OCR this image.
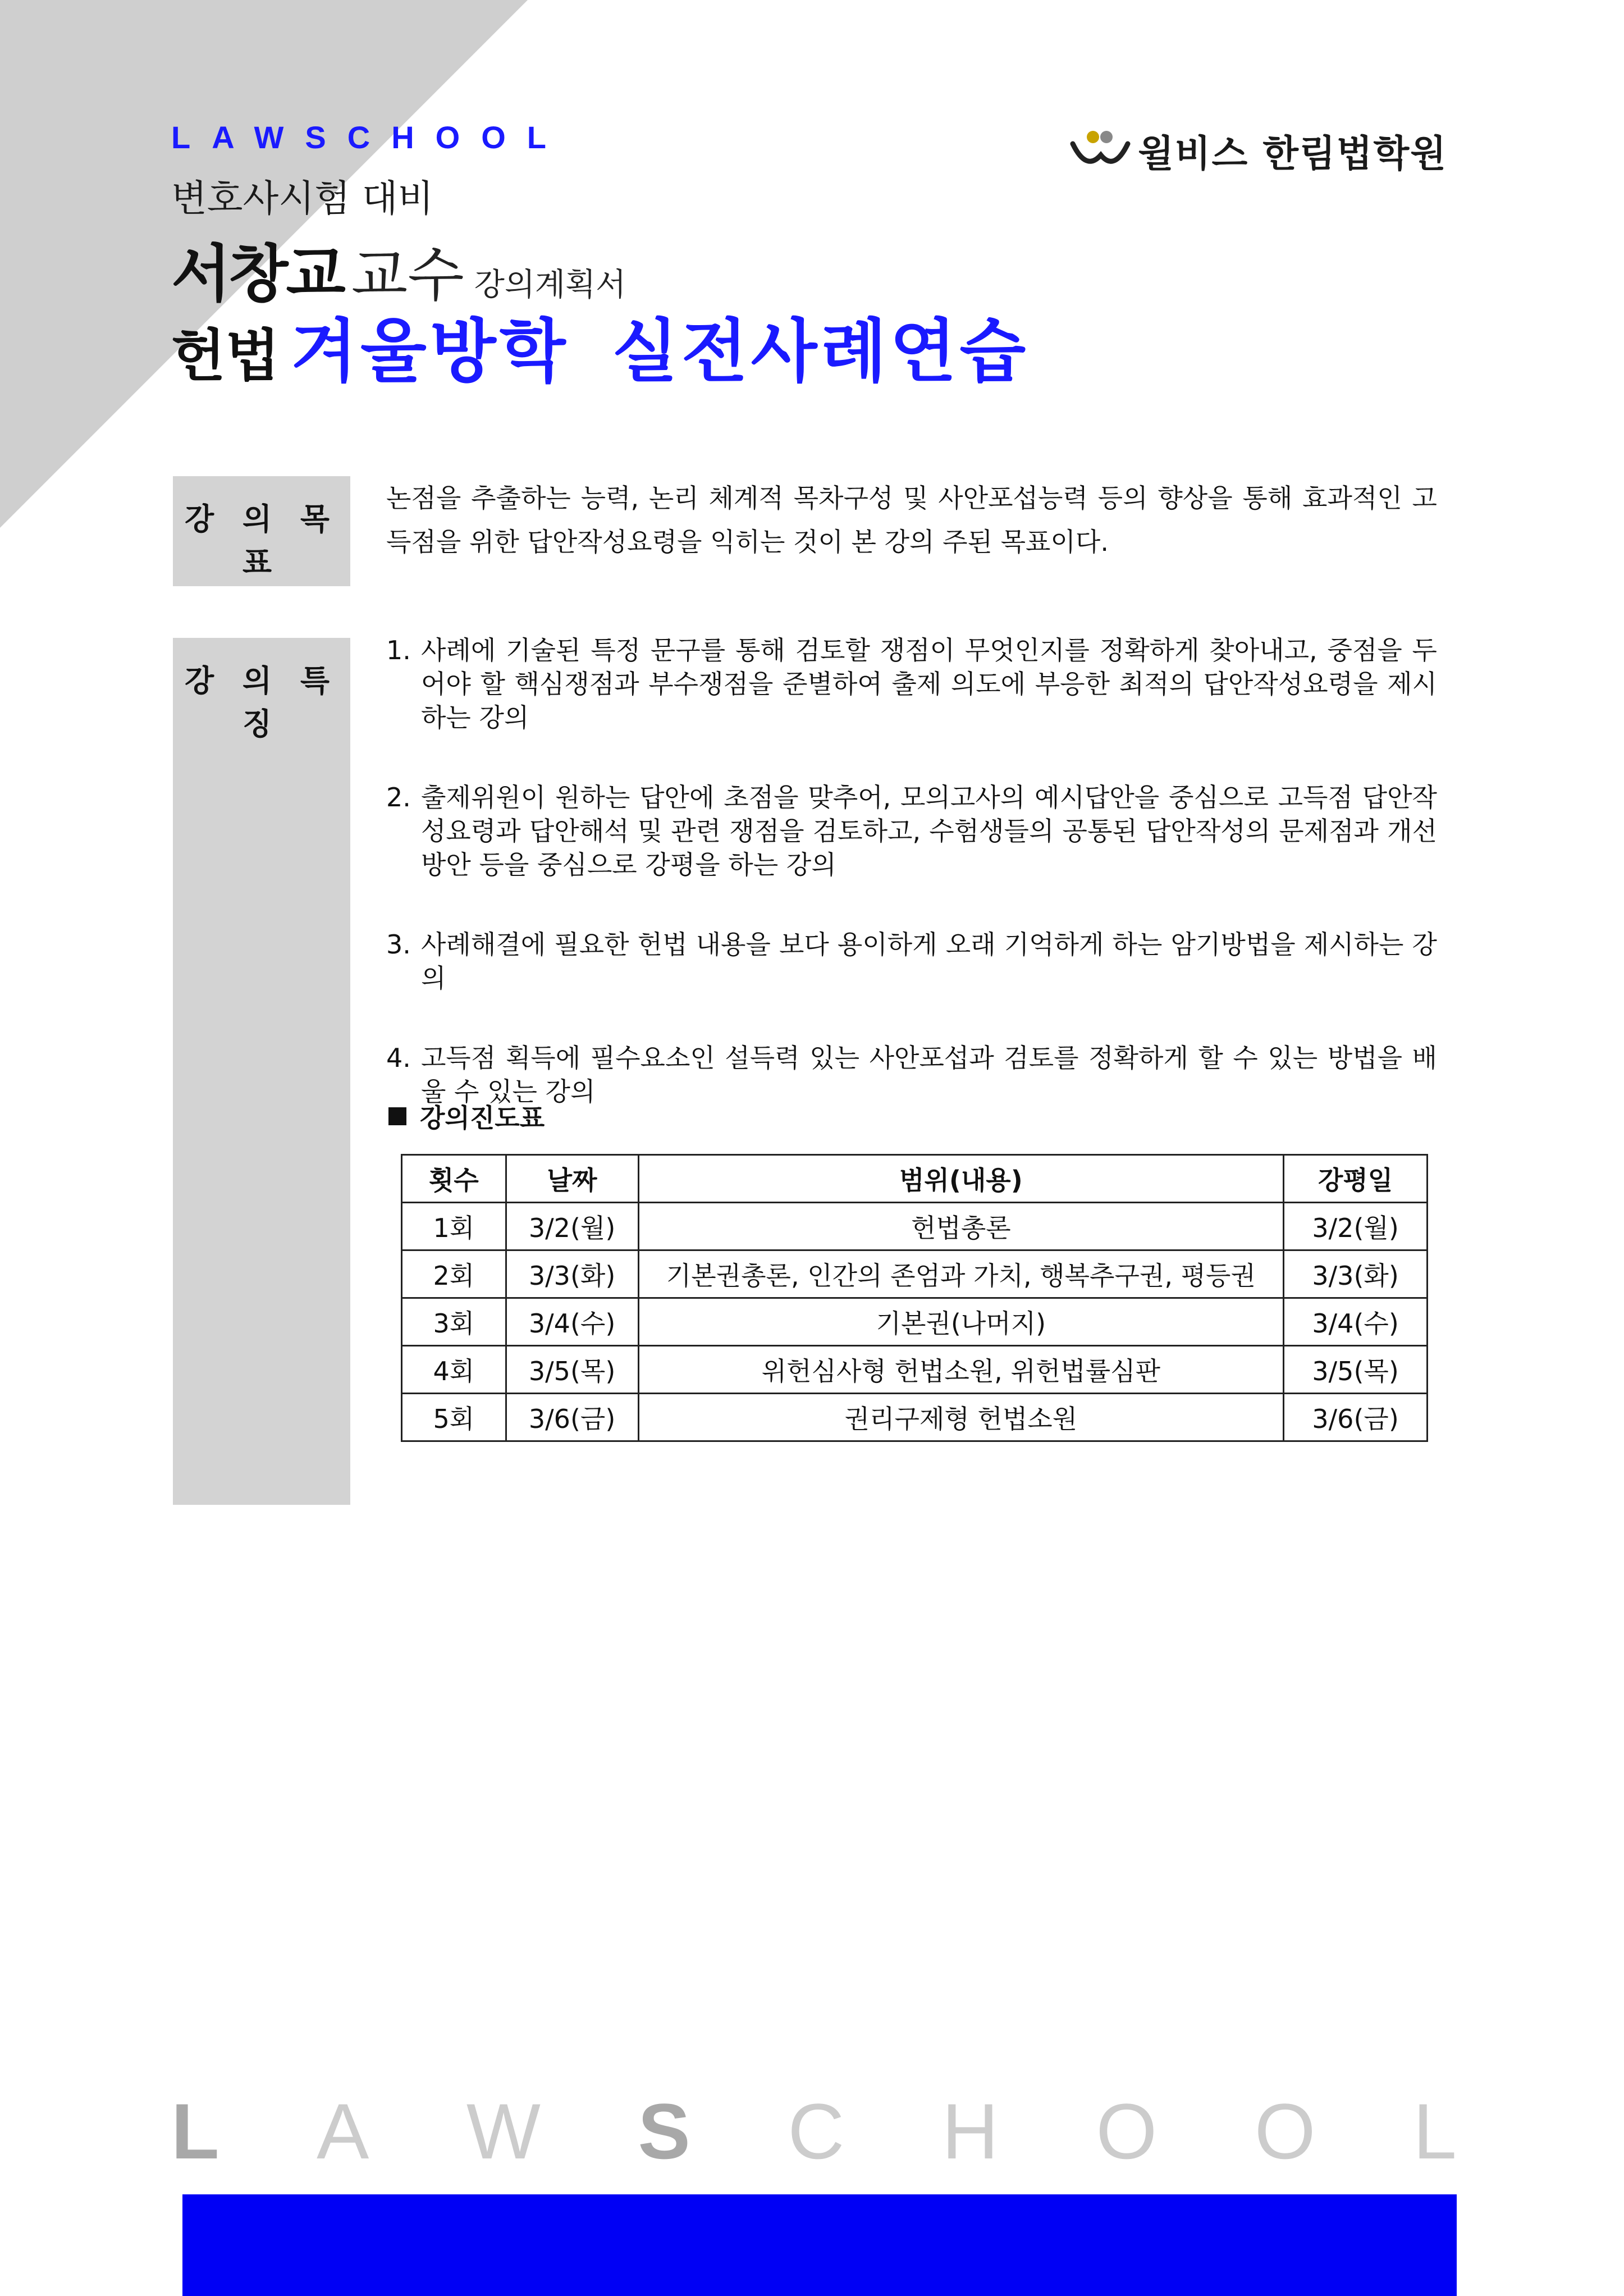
LAWSCHOOL	윌비스 한림법학원
변호사시험 대비
서창교 교수 강의계획서
헌법 겨울방학 실전사례연습
강 의 목 표
논점을 추출하는 능력, 논리 체계적 목차구성 및 사안포섭능력 등의 향상을 통해 효과적인 고득점을 위한 답안작성요령을 익히는 것이 본 강의 주된 목표이다.
강 의 특 징
1. 사례에 기술된 특정 문구를 통해 검토할 쟁점이 무엇인지를 정확하게 찾아내고, 중점을 두어야 할 핵심쟁점과 부수쟁점을 준별하여 출제 의도에 부응한 최적의 답안작성요령을 제시하는 강의
2. 출제위원이 원하는 답안에 초점을 맞추어, 모의고사의 예시답안을 중심으로 고득점 답안작성요령과 답안해석 및 관련 쟁점을 검토하고, 수험생들의 공통된 답안작성의 문제점과 개선방안 등을 중심으로 강평을 하는 강의
3. 사례해결에 필요한 헌법 내용을 보다 용이하게 오래 기억하게 하는 암기방법을 제시하는 강의
4. 고득점 획득에 필수요소인 설득력 있는 사안포섭과 검토를 정확하게 할 수 있는 방법을 배울 수 있는 강의
강의진도표
횟수	날짜	범위(내용)	강평일
1회	3/2(월)	헌법총론	3/2(월)
2회	3/3(화)	기본권총론, 인간의 존엄과 가치, 행복추구권, 평등권	3/3(화)
3회	3/4(수)	기본권(나머지)	3/4(수)
4회	3/5(목)	위헌심사형 헌법소원, 위헌법률심판	3/5(목)
5회	3/6(금)	권리구제형 헌법소원	3/6(금)
L A W S C H O O L
